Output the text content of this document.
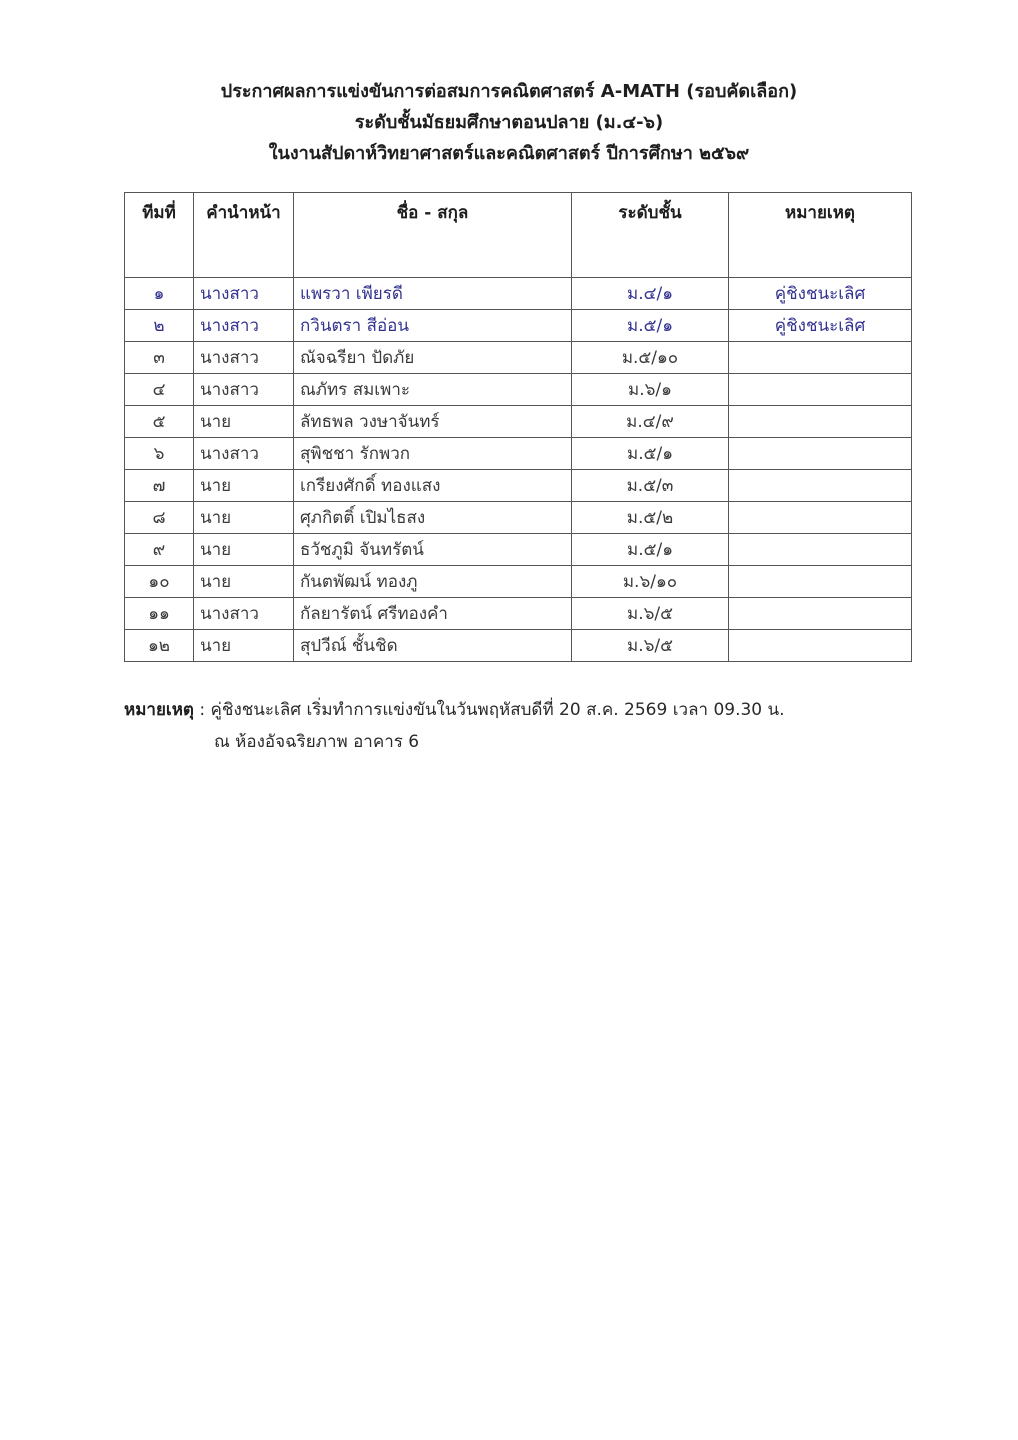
ประกาศผลการแข่งขันการต่อสมการคณิตศาสตร์ A-MATH (รอบคัดเลือก)
ระดับชั้นมัธยมศึกษาตอนปลาย (ม.๔-๖)
ในงานสัปดาห์วิทยาศาสตร์และคณิตศาสตร์ ปีการศึกษา ๒๕๖๙
ทีมที่	คำนำหน้า	ชื่อ - สกุล	ระดับชั้น	หมายเหตุ
๑	นางสาว	แพรวา เพียรดี	ม.๔/๑	คู่ชิงชนะเลิศ
๒	นางสาว	กวินตรา สีอ่อน	ม.๕/๑	คู่ชิงชนะเลิศ
๓	นางสาว	ณัจฉรียา ปัดภัย	ม.๕/๑๐	
๔	นางสาว	ณภัทร สมเพาะ	ม.๖/๑	
๕	นาย	ลัทธพล วงษาจันทร์	ม.๔/๙	
๖	นางสาว	สุพิชชา รักพวก	ม.๕/๑	
๗	นาย	เกรียงศักดิ์ ทองแสง	ม.๕/๓	
๘	นาย	ศุภกิตติ์ เปิมไธสง	ม.๕/๒	
๙	นาย	ธวัชภูมิ จันทรัตน์	ม.๕/๑	
๑๐	นาย	กันตพัฒน์ ทองภู	ม.๖/๑๐	
๑๑	นางสาว	กัลยารัตน์ ศรีทองคำ	ม.๖/๕	
๑๒	นาย	สุปวีณ์ ชั้นชิด	ม.๖/๕	
หมายเหตุ : คู่ชิงชนะเลิศ เริ่มทำการแข่งขันในวันพฤหัสบดีที่ 20 ส.ค. 2569 เวลา 09.30 น.
ณ ห้องอัจฉริยภาพ อาคาร 6
